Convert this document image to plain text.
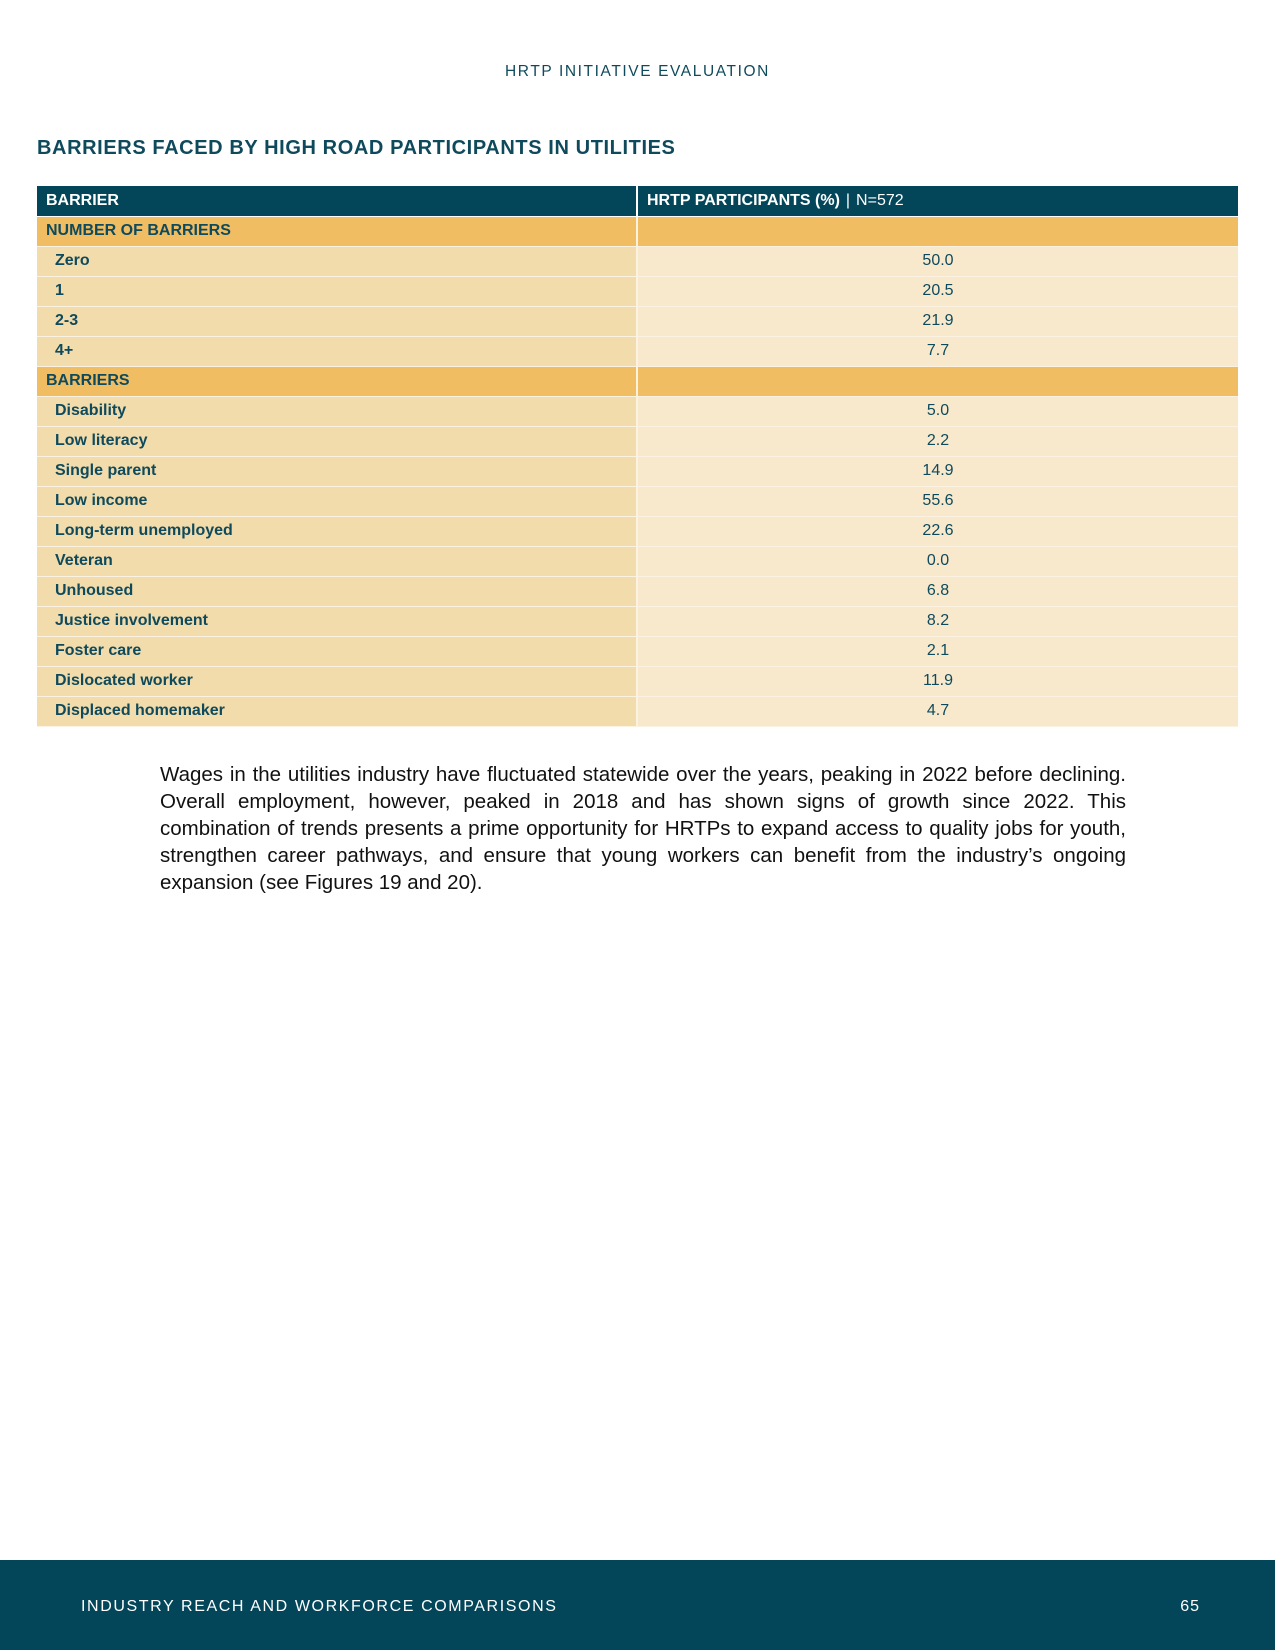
HRTP INITIATIVE EVALUATION
BARRIERS FACED BY HIGH ROAD PARTICIPANTS IN UTILITIES
BARRIER	HRTP PARTICIPANTS (%) | N=572
NUMBER OF BARRIERS	
Zero	50.0
1	20.5
2-3	21.9
4+	7.7
BARRIERS	
Disability	5.0
Low literacy	2.2
Single parent	14.9
Low income	55.6
Long-term unemployed	22.6
Veteran	0.0
Unhoused	6.8
Justice involvement	8.2
Foster care	2.1
Dislocated worker	11.9
Displaced homemaker	4.7

Wages in the utilities industry have fluctuated statewide over the years, peaking in 2022 before declining. Overall employment, however, peaked in 2018 and has shown signs of growth since 2022. This combination of trends presents a prime opportunity for HRTPs to expand access to quality jobs for youth, strengthen career pathways, and ensure that young workers can benefit from the industry’s ongoing expansion (see Figures 19 and 20).

INDUSTRY REACH AND WORKFORCE COMPARISONS	65
